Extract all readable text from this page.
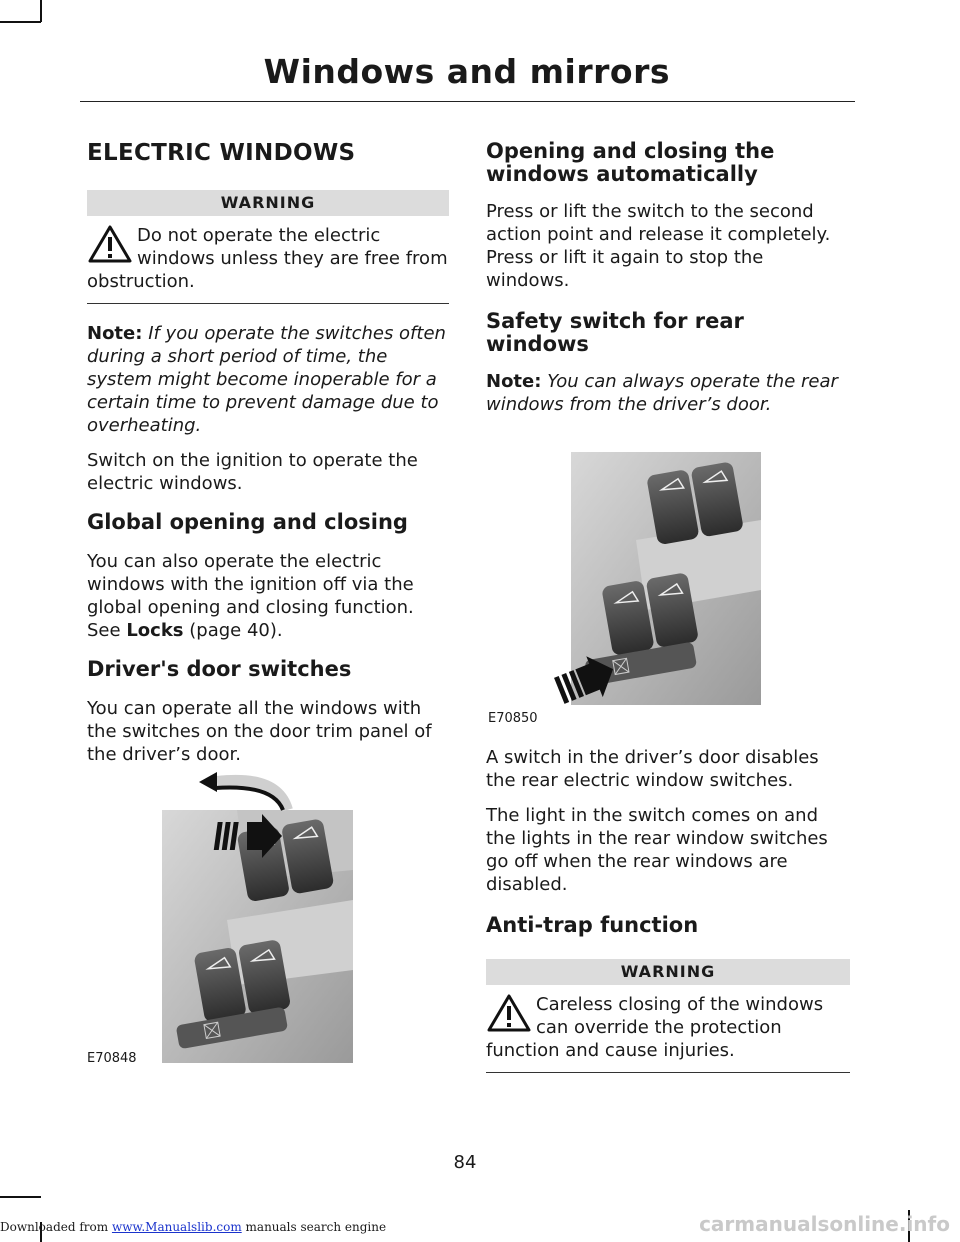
Windows and mirrors
ELECTRIC WINDOWS
WARNING
Do not operate the electric windows unless they are free from obstruction.

Note: If you operate the switches often during a short period of time, the system might become inoperable for a certain time to prevent damage due to overheating.

Switch on the ignition to operate the electric windows.

Global opening and closing

You can also operate the electric windows with the ignition off via the global opening and closing function. See Locks (page 40).

Driver's door switches

You can operate all the windows with the switches on the door trim panel of the driver’s door.

E70848
Opening and closing the windows automatically

Press or lift the switch to the second action point and release it completely. Press or lift it again to stop the windows.

Safety switch for rear windows

Note: You can always operate the rear windows from the driver’s door.

E70850

A switch in the driver’s door disables the rear electric window switches.

The light in the switch comes on and the lights in the rear window switches go off when the rear windows are disabled.

Anti-trap function
WARNING
Careless closing of the windows can override the protection function and cause injuries.
84
Downloaded from www.Manualslib.com manuals search engine	carmanualsonline.info
